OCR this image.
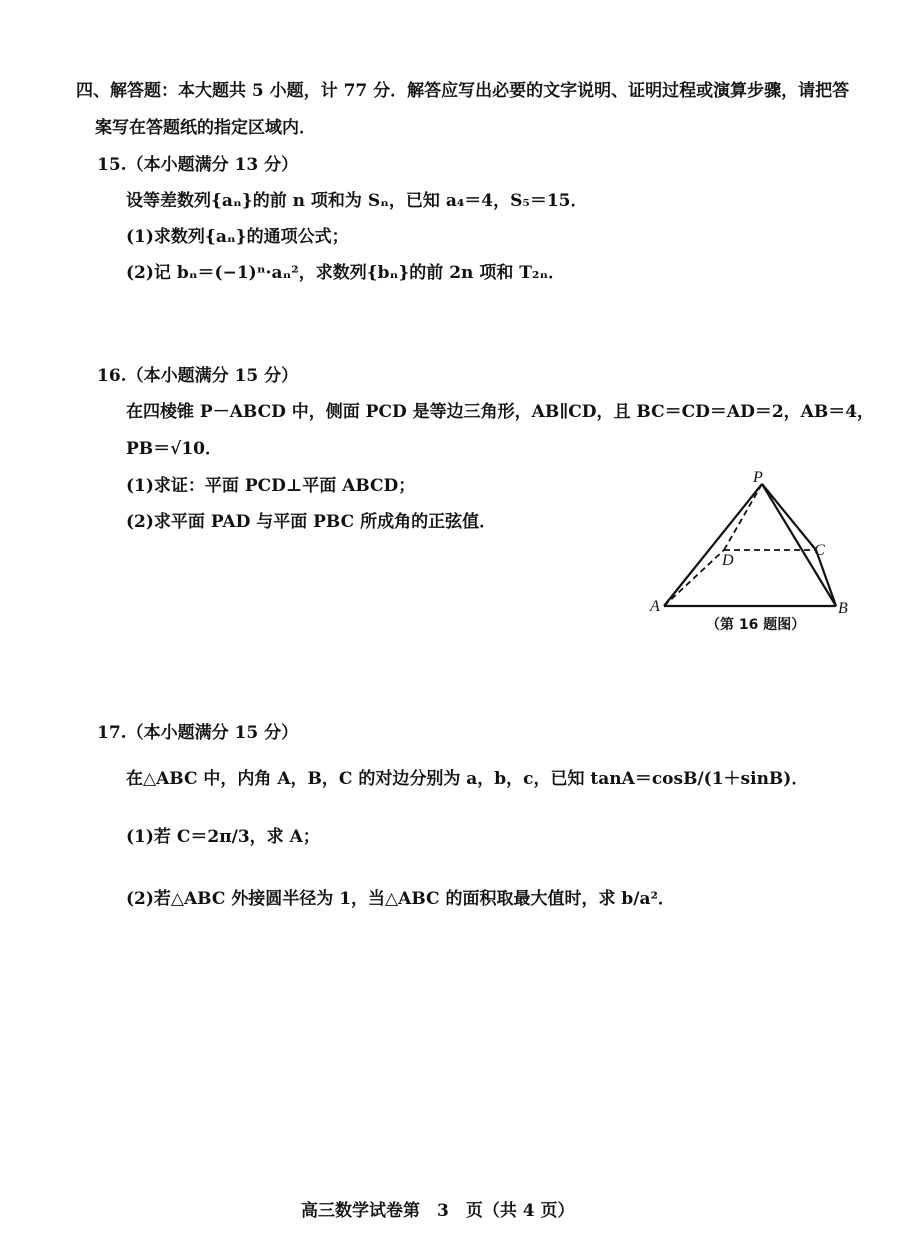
四、解答题：本大题共 5 小题，计 77 分．解答应写出必要的文字说明、证明过程或演算步骤，请把答
案写在答题纸的指定区域内．
15.（本小题满分 13 分）
设等差数列{aₙ}的前 n 项和为 Sₙ，已知 a₄＝4，S₅＝15．
(1)求数列{aₙ}的通项公式；
(2)记 bₙ＝(−1)ⁿ·aₙ²，求数列{bₙ}的前 2n 项和 T₂ₙ．
16.（本小题满分 15 分）
在四棱锥 P－ABCD 中，侧面 PCD 是等边三角形，AB∥CD，且 BC＝CD＝AD＝2，AB＝4，
PB＝√10．
(1)求证：平面 PCD⊥平面 ABCD；
(2)求平面 PAD 与平面 PBC 所成角的正弦值．
P
A	B
C
D
（第 16 题图）
17.（本小题满分 15 分）
在△ABC 中，内角 A，B，C 的对边分别为 a，b，c，已知 tanA＝cosB/(1＋sinB)．
(1)若 C＝2π/3，求 A；
(2)若△ABC 外接圆半径为 1，当△ABC 的面积取最大值时，求 b/a²．
高三数学试卷第　3　页（共 4 页）
